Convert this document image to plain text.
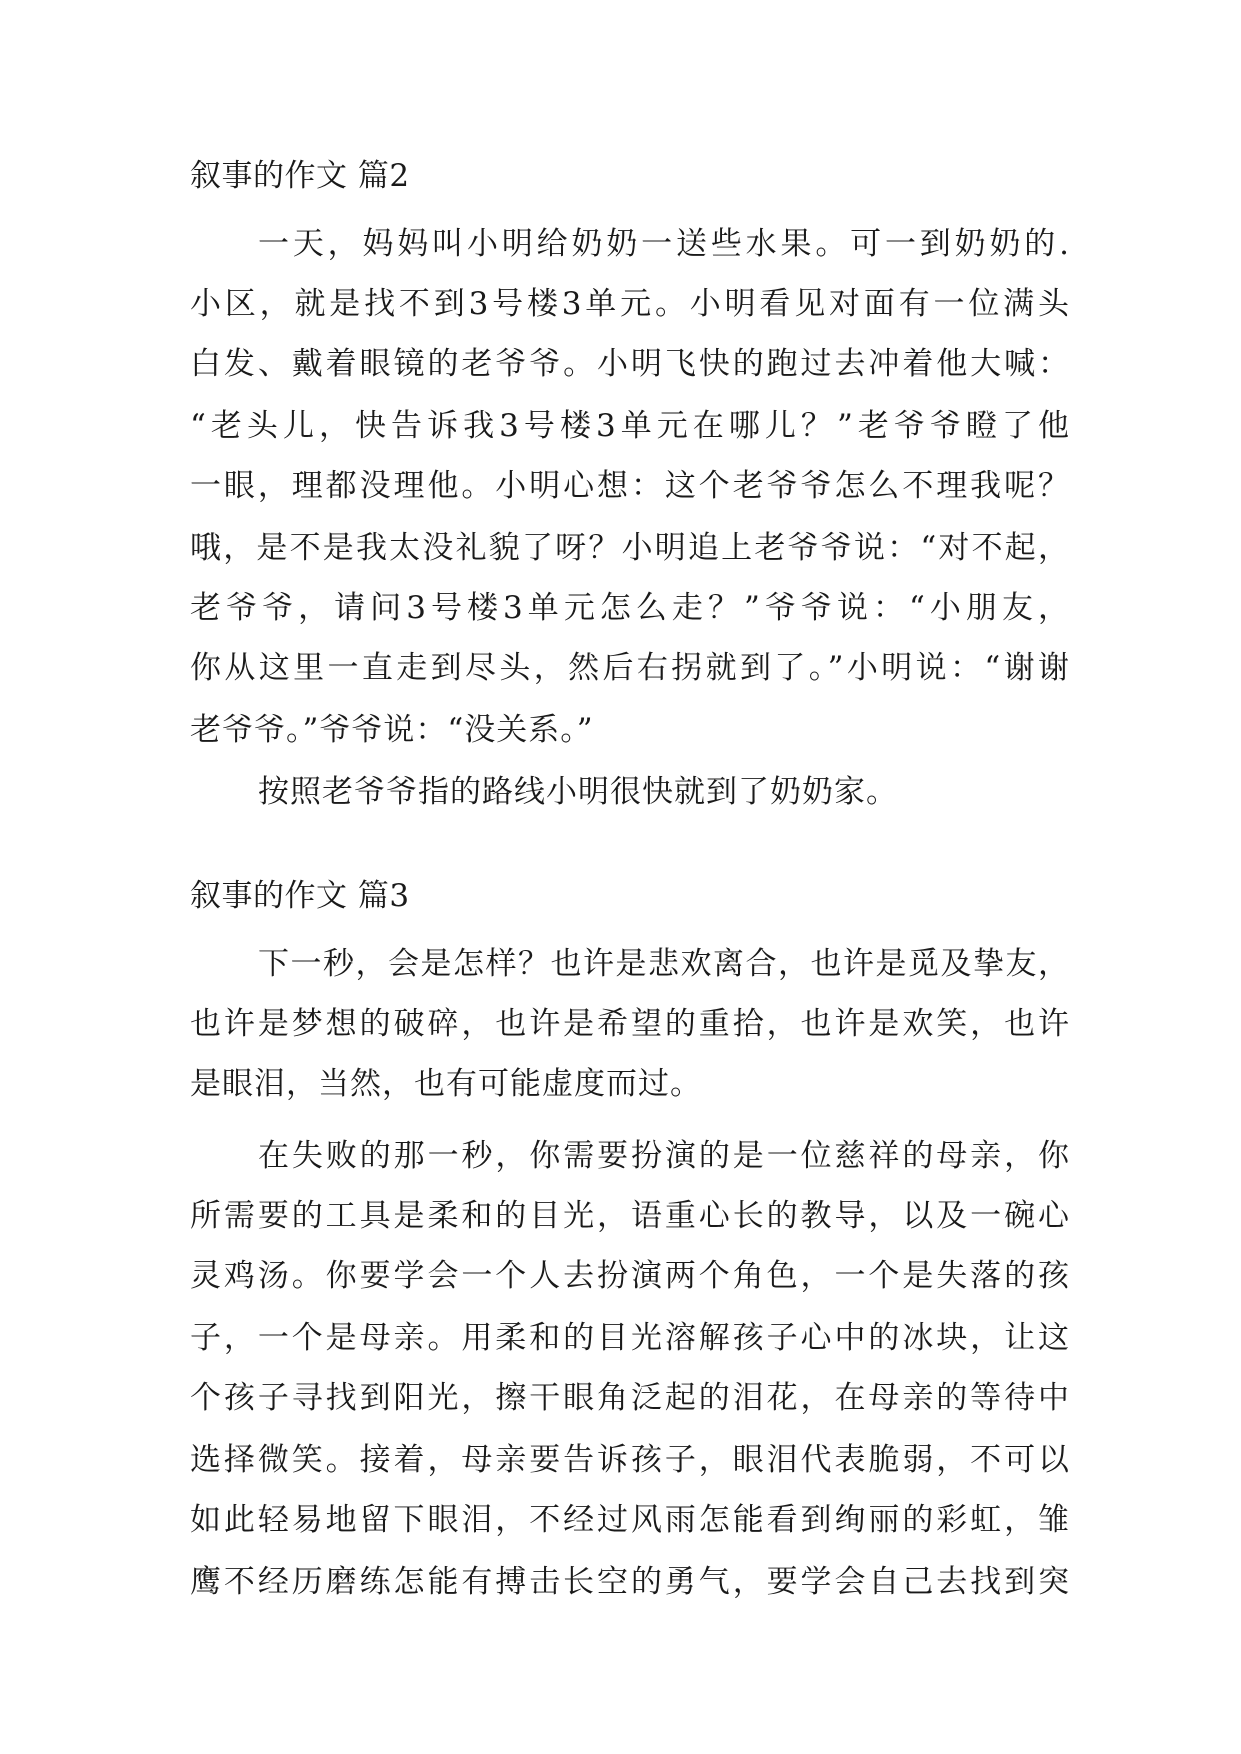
叙事的作文 篇2
一天，妈妈叫小明给奶奶一送些水果。可一到奶奶的.
小区，就是找不到3号楼3单元。小明看见对面有一位满头
白发、戴着眼镜的老爷爷。小明飞快的跑过去冲着他大喊：
“老头儿，快告诉我3号楼3单元在哪儿？”老爷爷瞪了他
一眼，理都没理他。小明心想：这个老爷爷怎么不理我呢？
哦，是不是我太没礼貌了呀？小明追上老爷爷说：“对不起，
老爷爷，请问3号楼3单元怎么走？”爷爷说：“小朋友，
你从这里一直走到尽头，然后右拐就到了。”小明说：“谢谢
老爷爷。”爷爷说：“没关系。”
按照老爷爷指的路线小明很快就到了奶奶家。
叙事的作文 篇3
下一秒，会是怎样？也许是悲欢离合，也许是觅及挚友，
也许是梦想的破碎，也许是希望的重拾，也许是欢笑，也许
是眼泪，当然，也有可能虚度而过。
在失败的那一秒，你需要扮演的是一位慈祥的母亲，你
所需要的工具是柔和的目光，语重心长的教导，以及一碗心
灵鸡汤。你要学会一个人去扮演两个角色，一个是失落的孩
子，一个是母亲。用柔和的目光溶解孩子心中的冰块，让这
个孩子寻找到阳光，擦干眼角泛起的泪花，在母亲的等待中
选择微笑。接着，母亲要告诉孩子，眼泪代表脆弱，不可以
如此轻易地留下眼泪，不经过风雨怎能看到绚丽的彩虹，雏
鹰不经历磨练怎能有搏击长空的勇气，要学会自己去找到突
